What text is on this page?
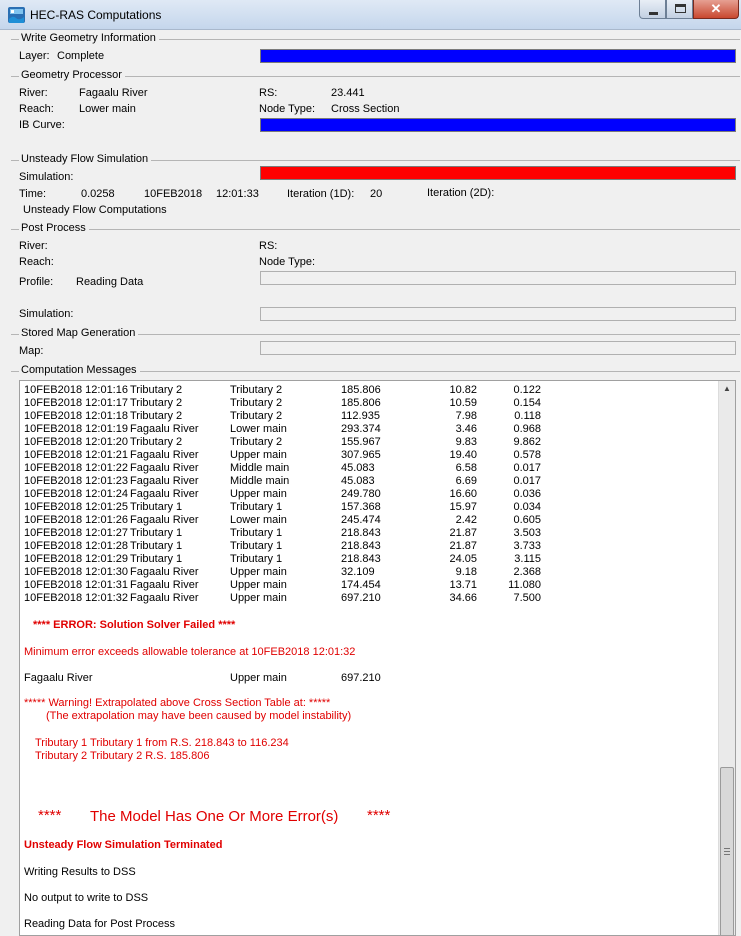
HEC-RAS Computations	✕
Write Geometry Information
Layer: Complete
Geometry Processor
River:	Fagaalu River	RS:	23.441
Reach: Lower main	Node Type: Cross Section
IB Curve:
Unsteady Flow Simulation
Simulation:
Time:	0.0258	10FEB2018 12:01:33	Iteration (1D): 20	Iteration (2D):
Unsteady Flow Computations
Post Process
River:	RS:
Reach:	Node Type:
Profile: Reading Data
Simulation:
Stored Map Generation
Map:
Computation Messages
10FEB2018 12:01:16 Tributary 2	Tributary 2	185.806	10.82	0.122
10FEB2018 12:01:17 Tributary 2	Tributary 2	185.806	10.59	0.154
10FEB2018 12:01:18 Tributary 2	Tributary 2	112.935	7.98	0.118
10FEB2018 12:01:19 Fagaalu River	Lower main	293.374	3.46	0.968
10FEB2018 12:01:20 Tributary 2	Tributary 2	155.967	9.83	9.862
10FEB2018 12:01:21 Fagaalu River	Upper main	307.965	19.40	0.578
10FEB2018 12:01:22 Fagaalu River	Middle main	45.083	6.58	0.017
10FEB2018 12:01:23 Fagaalu River	Middle main	45.083	6.69	0.017
10FEB2018 12:01:24 Fagaalu River	Upper main	249.780	16.60	0.036
10FEB2018 12:01:25 Tributary 1	Tributary 1	157.368	15.97	0.034
10FEB2018 12:01:26 Fagaalu River	Lower main	245.474	2.42	0.605
10FEB2018 12:01:27 Tributary 1	Tributary 1	218.843	21.87	3.503
10FEB2018 12:01:28 Tributary 1	Tributary 1	218.843	21.87	3.733
10FEB2018 12:01:29 Tributary 1	Tributary 1	218.843	24.05	3.115
10FEB2018 12:01:30 Fagaalu River	Upper main	32.109	9.18	2.368
10FEB2018 12:01:31 Fagaalu River	Upper main	174.454	13.71	11.080
10FEB2018 12:01:32 Fagaalu River	Upper main	697.210	34.66	7.500
**** ERROR: Solution Solver Failed ****
Minimum error exceeds allowable tolerance at 10FEB2018 12:01:32
Fagaalu River	Upper main	697.210
***** Warning! Extrapolated above Cross Section Table at: *****
(The extrapolation may have been caused by model instability)
Tributary 1 Tributary 1 from R.S. 218.843 to 116.234
Tributary 2 Tributary 2 R.S. 185.806
**** The Model Has One Or More Error(s) ****
Unsteady Flow Simulation Terminated
Writing Results to DSS
No output to write to DSS
Reading Data for Post Process
▲
